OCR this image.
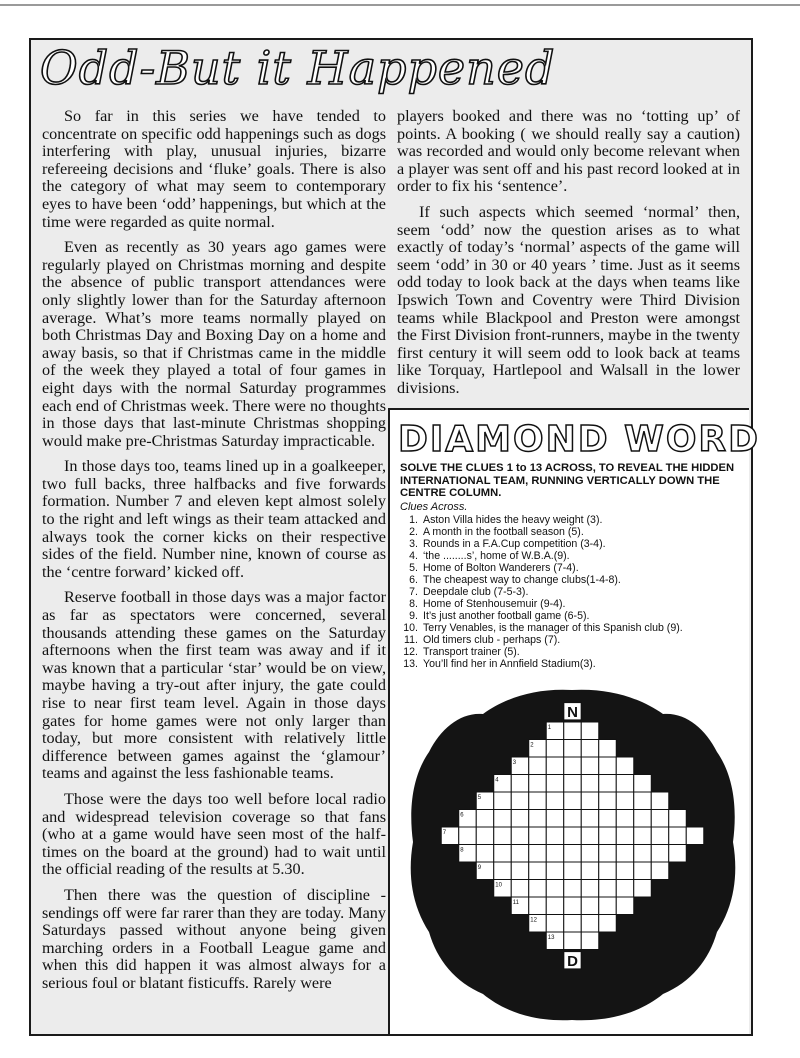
Odd-But it Happened

So far in this series we have tended to concentrate on specific odd happenings such as dogs interfering with play, unusual injuries, bizarre refereeing decisions and ‘fluke’ goals. There is also the category of what may seem to contemporary eyes to have been ‘odd’ happenings, but which at the time were regarded as quite normal.

Even as recently as 30 years ago games were regularly played on Christmas morning and despite the absence of public transport attendances were only slightly lower than for the Saturday afternoon average. What’s more teams normally played on both Christmas Day and Boxing Day on a home and away basis, so that if Christmas came in the middle of the week they played a total of four games in eight days with the normal Saturday programmes each end of Christmas week. There were no thoughts in those days that last-minute Christmas shopping would make pre-Christmas Saturday impracticable.

In those days too, teams lined up in a goalkeeper, two full backs, three halfbacks and five forwards formation. Number 7 and eleven kept almost solely to the right and left wings as their team attacked and always took the corner kicks on their respective sides of the field. Number nine, known of course as the ‘centre forward’ kicked off.

Reserve football in those days was a major factor as far as spectators were concerned, several thousands attending these games on the Saturday afternoons when the first team was away and if it was known that a particular ‘star’ would be on view, maybe having a try-out after injury, the gate could rise to near first team level. Again in those days gates for home games were not only larger than today, but more consistent with relatively little difference between games against the ‘glamour’ teams and against the less fashionable teams.

Those were the days too well before local radio and widespread television coverage so that fans (who at a game would have seen most of the half-times on the board at the ground) had to wait until the official reading of the results at 5.30.

Then there was the question of discipline - sendings off were far rarer than they are today. Many Saturdays passed without anyone being given marching orders in a Football League game and when this did happen it was almost always for a serious foul or blatant fisticuffs. Rarely were

players booked and there was no ‘totting up’ of points. A booking ( we should really say a caution) was recorded and would only become relevant when a player was sent off and his past record looked at in order to fix his ‘sentence’.

If such aspects which seemed ‘normal’ then, seem ‘odd’ now the question arises as to what exactly of today’s ‘normal’ aspects of the game will seem ‘odd’ in 30 or 40 years ’ time. Just as it seems odd today to look back at the days when teams like Ipswich Town and Coventry were Third Division teams while Blackpool and Preston were amongst the First Division front-runners, maybe in the twenty first century it will seem odd to look back at teams like Torquay, Hartlepool and Walsall in the lower divisions.

DIAMOND WORD
SOLVE THE CLUES 1 to 13 ACROSS, TO REVEAL THE HIDDEN INTERNATIONAL TEAM, RUNNING VERTICALLY DOWN THE CENTRE COLUMN.
Clues Across.
1. Aston Villa hides the heavy weight (3).
2. A month in the football season (5).
3. Rounds in a F.A.Cup competition (3-4).
4. ‘the ........s’, home of W.B.A.(9).
5. Home of Bolton Wanderers (7-4).
6. The cheapest way to change clubs(1-4-8).
7. Deepdale club (7-5-3).
8. Home of Stenhousemuir (9-4).
9. It’s just another football game (6-5).
10. Terry Venables, is the manager of this Spanish club (9).
11. Old timers club - perhaps (7).
12. Transport trainer (5).
13. You’ll find her in Annfield Stadium(3).
1
2
3
4
5
6
7
8
9
10
11
12
13
N
D
